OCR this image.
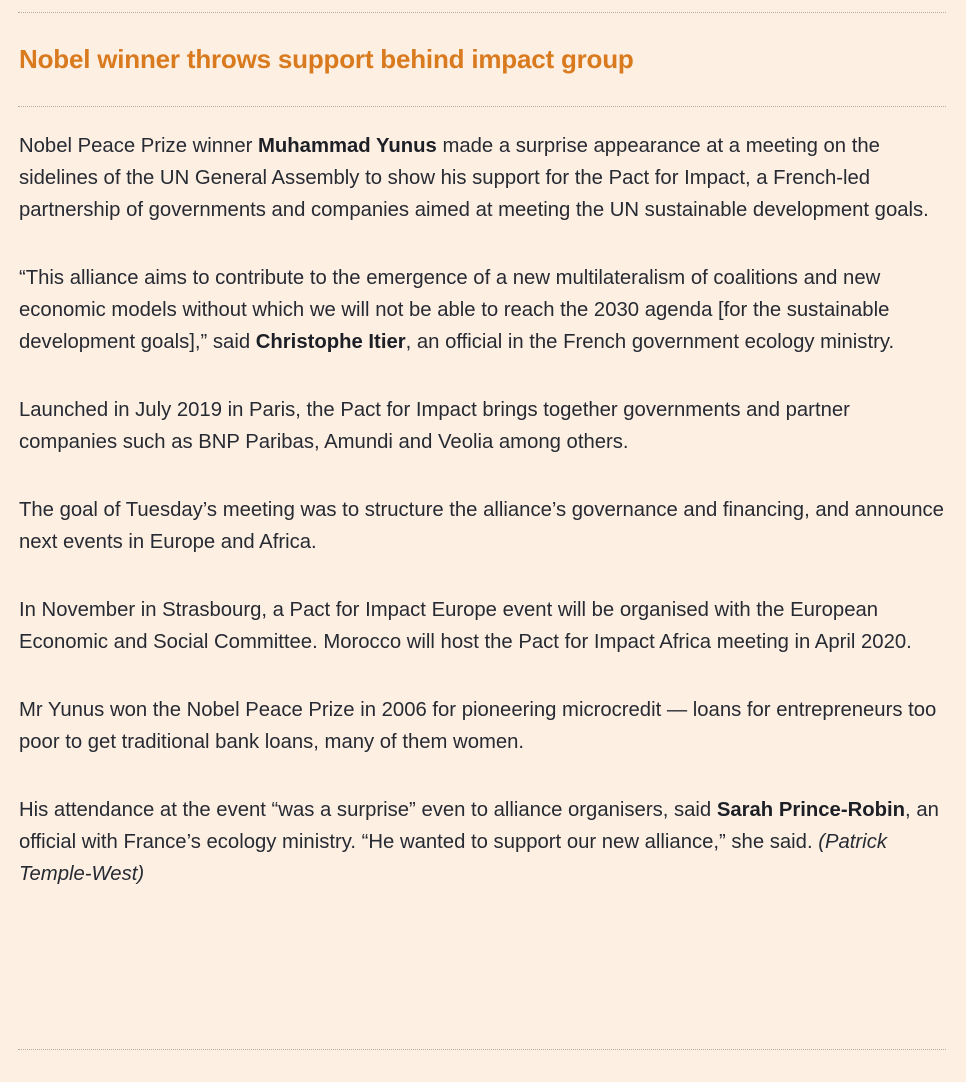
Nobel winner throws support behind impact group

Nobel Peace Prize winner Muhammad Yunus made a surprise appearance at a meeting on the sidelines of the UN General Assembly to show his support for the Pact for Impact, a French-led partnership of governments and companies aimed at meeting the UN sustainable development goals.

“This alliance aims to contribute to the emergence of a new multilateralism of coalitions and new economic models without which we will not be able to reach the 2030 agenda [for the sustainable development goals],” said Christophe Itier, an official in the French government ecology ministry.

Launched in July 2019 in Paris, the Pact for Impact brings together governments and partner companies such as BNP Paribas, Amundi and Veolia among others.

The goal of Tuesday’s meeting was to structure the alliance’s governance and financing, and announce next events in Europe and Africa.

In November in Strasbourg, a Pact for Impact Europe event will be organised with the European Economic and Social Committee. Morocco will host the Pact for Impact Africa meeting in April 2020.

Mr Yunus won the Nobel Peace Prize in 2006 for pioneering microcredit — loans for entrepreneurs too poor to get traditional bank loans, many of them women.

His attendance at the event “was a surprise” even to alliance organisers, said Sarah Prince-Robin, an official with France’s ecology ministry. “He wanted to support our new alliance,” she said. (Patrick Temple-West)
